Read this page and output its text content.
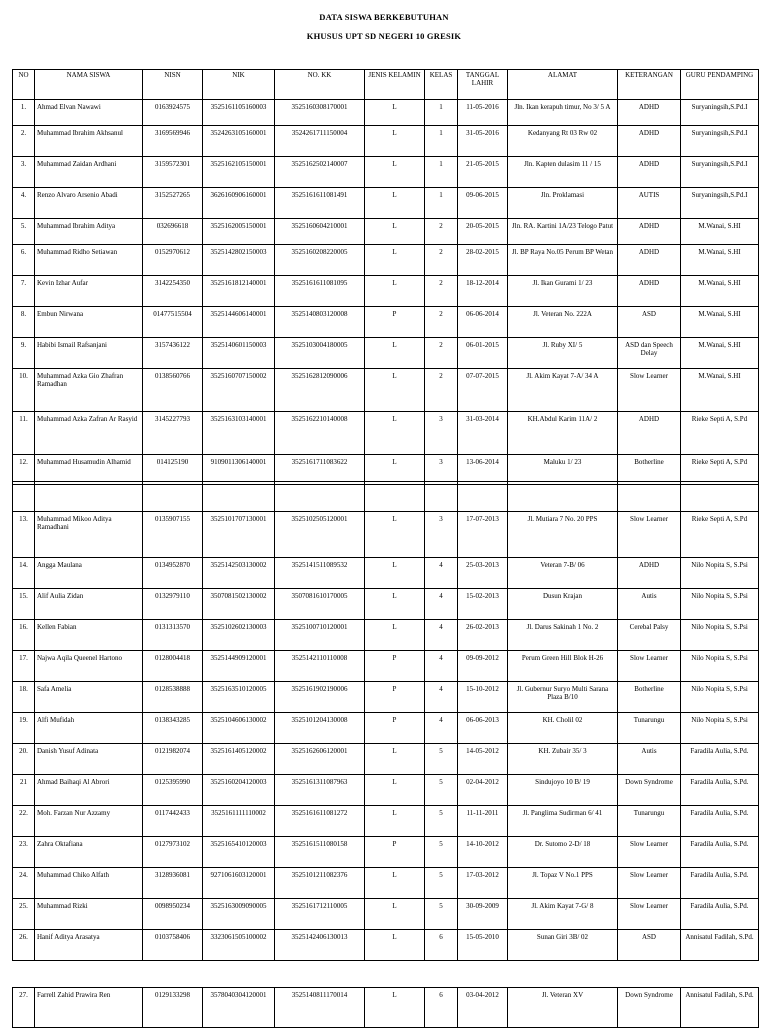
DATA SISWA BERKEBUTUHAN
KHUSUS UPT SD NEGERI 10 GRESIK
NO	NAMA SISWA	NISN	NIK	NO. KK	JENIS KELAMIN	KELAS	TANGGAL LAHIR	ALAMAT	KETERANGAN	GURU PENDAMPING
1.	Ahmad Elvan Nawawi	0163924575	3525161105160003	3525160308170001	L	1	11-05-2016	Jln. Ikan kerapuh timur, No 3/ 5 A	ADHD	Suryaningsih,S.Pd.I
2.	Muhammad Ibrahim Akhsanul	3169569946	3524263105160001	3524261711150004	L	1	31-05-2016	Kedanyang Rt 03 Rw 02	ADHD	Suryaningsih,S.Pd.I
3.	Muhammad Zaidan Ardhani	3159572301	3525162105150001	3525162502140007	L	1	21-05-2015	Jln. Kapten dulasim 11 / 15	ADHD	Suryaningsih,S.Pd.I
4.	Renzo Alvaro Arsenio Abadi	3152527265	3626160906160001	3525161611081491	L	1	09-06-2015	Jln. Proklamasi	AUTIS	Suryaningsih,S.Pd.I
5.	Muhammad Ibrahim Aditya	032696618	3525162005150001	3525160604210001	L	2	20-05-2015	Jln. RA. Kartini 1A/23 Telogo Patut	ADHD	M.Wanai, S.HI
6.	Muhammad Ridho Setiawan	0152970612	3525142802150003	3525160208220005	L	2	28-02-2015	Jl. BP Raya No.05 Perum BP Wetan	ADHD	M.Wanai, S.HI
7.	Kevin Izhar Aufar	3142254350	3525161812140001	3525161611081095	L	2	18-12-2014	Jl. Ikan Gurami 1/ 23	ADHD	M.Wanai, S.HI
8.	Embun Nirwana	01477515504	3525144606140001	3525140803120008	P	2	06-06-2014	Jl. Veteran No. 222A	ASD	M.Wanai, S.HI
9.	Habibi Ismail Rafsanjani	3157436122	3525140601150003	3525103004180005	L	2	06-01-2015	Jl. Ruby XI/ 5	ASD dan Speech Delay	M.Wanai, S.HI
10.	Muhammad Azka Gio Zhafran Ramadhan	0138560766	3525160707150002	3525162812090006	L	2	07-07-2015	Jl. Akim Kayat 7-A/ 34 A	Slow Learner	M.Wanai, S.HI
11.	Muhammad Azka Zafran Ar Rasyid	3145227793	3525163103140001	3525162210140008	L	3	31-03-2014	KH.Abdul Karim 11A/ 2	ADHD	Rieke Septi A, S.Pd
12.	Muhammad Husamudin Alhamid	014125190	9109011306140001	3525161711083622	L	3	13-06-2014	Maluku 1/ 23	Botherline	Rieke Septi A, S.Pd

13.	Muhammad Mikoo Aditya Ramadhani	0135907155	3525101707130001	3525102505120001	L	3	17-07-2013	Jl. Mutiara 7 No. 20 PPS	Slow Learner	Rieke Septi A, S.Pd
14.	Angga Maulana	0134952870	3525142503130002	3525141511089532	L	4	25-03-2013	Veteran 7-B/ 06	ADHD	Nilo Nopita S, S.Psi
15.	Alif Aulia Zidan	0132979110	3507081502130002	3507081610170005	L	4	15-02-2013	Dusun Krajan	Autis	Nilo Nopita S, S.Psi
16.	Kellen Fabian	0131313570	3525102602130003	3525100710120001	L	4	26-02-2013	Jl. Darus Sakinah 1 No. 2	Cerebal Palsy	Nilo Nopita S, S.Psi
17.	Najwa Aqila Queenel Hartono	0128004418	3525144909120001	3525142110110008	P	4	09-09-2012	Perum Green Hill Blok H-26	Slow Learner	Nilo Nopita S, S.Psi
18.	Safa Amelia	0128538888	3525163510120005	3525161902190006	P	4	15-10-2012	Jl. Gubernur Suryo Multi Sarana Plaza B/10	Botherline	Nilo Nopita S, S.Psi
19.	Alfi Mufidah	0138343285	3525104606130002	3525101204130008	P	4	06-06-2013	KH. Cholil 02	Tunarungu	Nilo Nopita S, S.Psi
20.	Danish Yusuf Adinata	0121982074	3525161405120002	3525162606120001	L	5	14-05-2012	KH. Zubair 35/ 3	Autis	Faradila Aulia, S.Pd.
21	Ahmad Baihaqi Al Abrori	0125395990	3525160204120003	3525161311087963	L	5	02-04-2012	Sindujoyo 10 B/ 19	Down Syndrome	Faradila Aulia, S.Pd.
22.	Moh. Farzan Nur Azzamy	0117442433	3525161111110002	3525161611081272	L	5	11-11-2011	Jl. Panglima Sudirman 6/ 41	Tunarungu	Faradila Aulia, S.Pd.
23.	Zahra Oktafiana	0127973102	3525165410120003	3525161511080158	P	5	14-10-2012	Dr. Sutomo 2-D/ 18	Slow Learner	Faradila Aulia, S.Pd.
24.	Muhammad Chiko Alfath	3128936081	9271061603120001	3525101211082376	L	5	17-03-2012	Jl. Topaz V No.1 PPS	Slow Learner	Faradila Aulia, S.Pd.
25.	Muhammad Rizki	0098950234	3525163009090005	3525161712110005	L	5	30-09-2009	Jl. Akim Kayat 7-G/ 8	Slow Learner	Faradila Aulia, S.Pd.
26.	Hanif Aditya Arasatya	0103758406	3323061505100002	3525142406130013	L	6	15-05-2010	Sunan Giri 3B/ 02	ASD	Annisatul Fadilah, S.Pd.
27.	Farrell Zahid Prawira Ren	0129133298	3578040304120001	3525140811170014	L	6	03-04-2012	Jl. Veteran XV	Down Syndrome	Annisatul Fadilah, S.Pd.
